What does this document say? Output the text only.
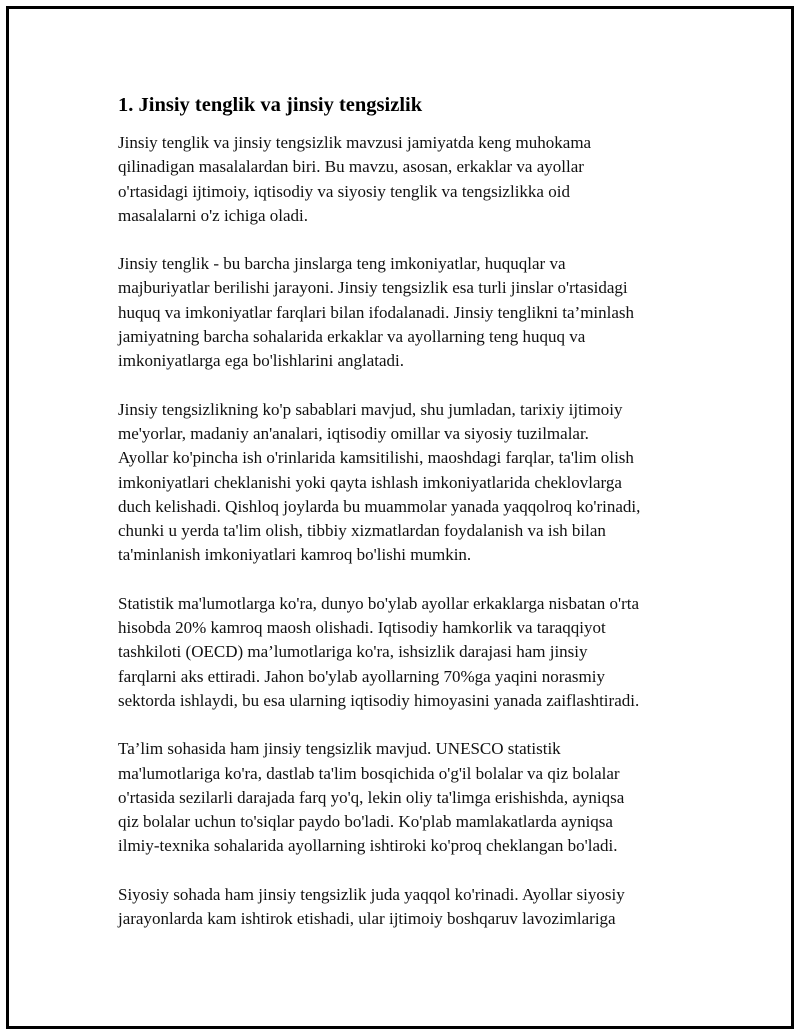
1. Jinsiy tenglik va jinsiy tengsizlik
Jinsiy tenglik va jinsiy tengsizlik mavzusi jamiyatda keng muhokama
qilinadigan masalalardan biri. Bu mavzu, asosan, erkaklar va ayollar
o'rtasidagi ijtimoiy, iqtisodiy va siyosiy tenglik va tengsizlikka oid
masalalarni o'z ichiga oladi.
Jinsiy tenglik - bu barcha jinslarga teng imkoniyatlar, huquqlar va
majburiyatlar berilishi jarayoni. Jinsiy tengsizlik esa turli jinslar o'rtasidagi
huquq va imkoniyatlar farqlari bilan ifodalanadi. Jinsiy tenglikni ta’minlash
jamiyatning barcha sohalarida erkaklar va ayollarning teng huquq va
imkoniyatlarga ega bo'lishlarini anglatadi.
Jinsiy tengsizlikning ko'p sabablari mavjud, shu jumladan, tarixiy ijtimoiy
me'yorlar, madaniy an'analari, iqtisodiy omillar va siyosiy tuzilmalar.
Ayollar ko'pincha ish o'rinlarida kamsitilishi, maoshdagi farqlar, ta'lim olish
imkoniyatlari cheklanishi yoki qayta ishlash imkoniyatlarida cheklovlarga
duch kelishadi. Qishloq joylarda bu muammolar yanada yaqqolroq ko'rinadi,
chunki u yerda ta'lim olish, tibbiy xizmatlardan foydalanish va ish bilan
ta'minlanish imkoniyatlari kamroq bo'lishi mumkin.
Statistik ma'lumotlarga ko'ra, dunyo bo'ylab ayollar erkaklarga nisbatan o'rta
hisobda 20% kamroq maosh olishadi. Iqtisodiy hamkorlik va taraqqiyot
tashkiloti (OECD) ma’lumotlariga ko'ra, ishsizlik darajasi ham jinsiy
farqlarni aks ettiradi. Jahon bo'ylab ayollarning 70%ga yaqini norasmiy
sektorda ishlaydi, bu esa ularning iqtisodiy himoyasini yanada zaiflashtiradi.
Ta’lim sohasida ham jinsiy tengsizlik mavjud. UNESCO statistik
ma'lumotlariga ko'ra, dastlab ta'lim bosqichida o'g'il bolalar va qiz bolalar
o'rtasida sezilarli darajada farq yo'q, lekin oliy ta'limga erishishda, ayniqsa
qiz bolalar uchun to'siqlar paydo bo'ladi. Ko'plab mamlakatlarda ayniqsa
ilmiy-texnika sohalarida ayollarning ishtiroki ko'proq cheklangan bo'ladi.
Siyosiy sohada ham jinsiy tengsizlik juda yaqqol ko'rinadi. Ayollar siyosiy
jarayonlarda kam ishtirok etishadi, ular ijtimoiy boshqaruv lavozimlariga
